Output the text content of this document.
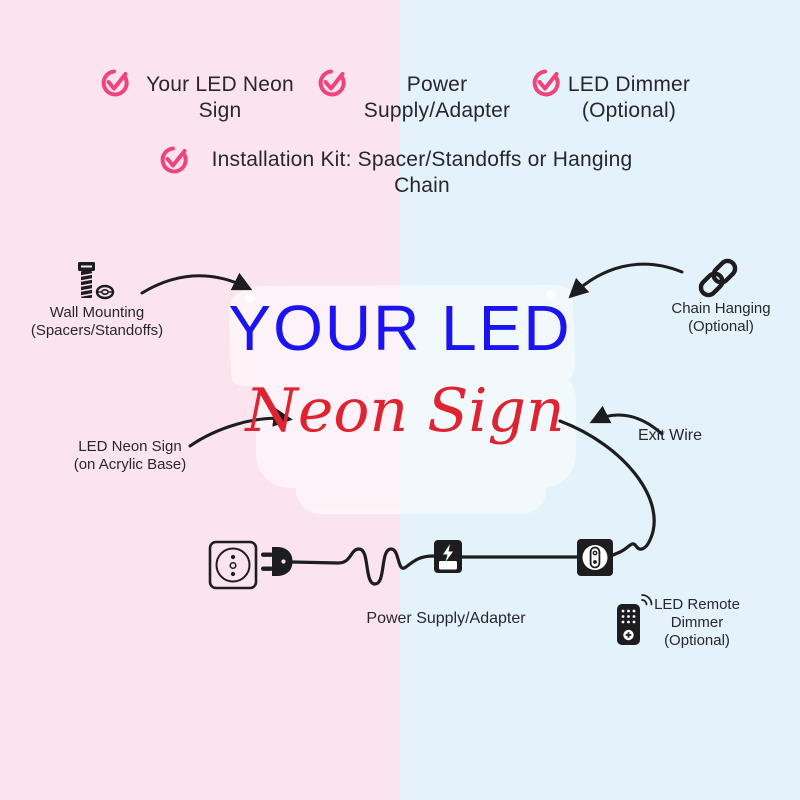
Your LED Neon
Sign
Power
Supply/Adapter
LED Dimmer
(Optional)
Installation Kit: Spacer/Standoffs or Hanging
Chain
YOUR LED
Neon Sign
Wall Mounting
(Spacers/Standoffs)
Chain Hanging
(Optional)
LED Neon Sign
(on Acrylic Base)
Exit Wire
Power Supply/Adapter
LED Remote
Dimmer
(Optional)
